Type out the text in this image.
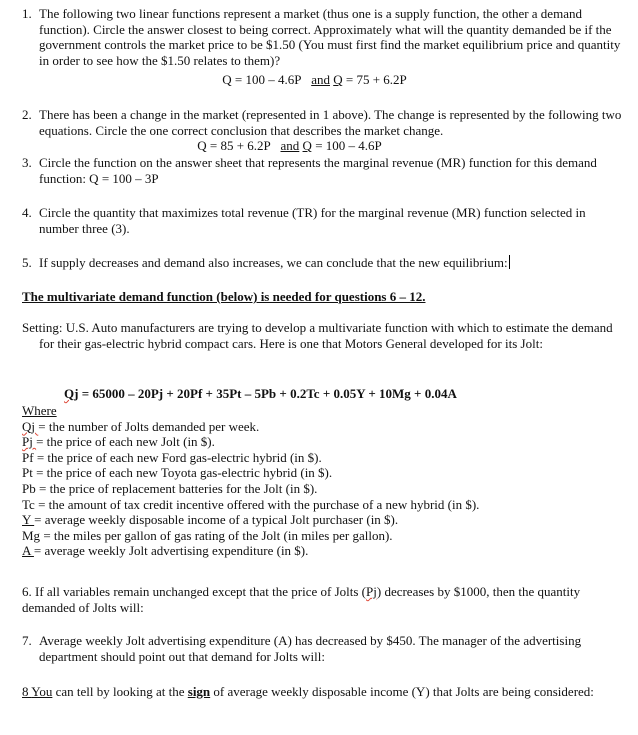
1. The following two linear functions represent a market (thus one is a supply function, the other a demand function). Circle the answer closest to being correct. Approximately what will the quantity demanded be if the government controls the market price to be $1.50 (You must first find the market equilibrium price and quantity in order to see how the $1.50 relates to them)?
Q = 100 – 4.6P and Q = 75 + 6.2P
2. There has been a change in the market (represented in 1 above). The change is represented by the following two equations. Circle the one correct conclusion that describes the market change.
Q = 85 + 6.2P and Q = 100 – 4.6P
3. Circle the function on the answer sheet that represents the marginal revenue (MR) function for this demand function: Q = 100 – 3P
4. Circle the quantity that maximizes total revenue (TR) for the marginal revenue (MR) function selected in number three (3).
5. If supply decreases and demand also increases, we can conclude that the new equilibrium:
The multivariate demand function (below) is needed for questions 6 – 12.
Setting: U.S. Auto manufacturers are trying to develop a multivariate function with which to estimate the demand for their gas-electric hybrid compact cars. Here is one that Motors General developed for its Jolt:
Qj = 65000 – 20Pj + 20Pf + 35Pt – 5Pb + 0.2Tc + 0.05Y + 10Mg + 0.04A
Where
Qj = the number of Jolts demanded per week.
Pj = the price of each new Jolt (in $).
Pf = the price of each new Ford gas-electric hybrid (in $).
Pt = the price of each new Toyota gas-electric hybrid (in $).
Pb = the price of replacement batteries for the Jolt (in $).
Tc = the amount of tax credit incentive offered with the purchase of a new hybrid (in $).
Y = average weekly disposable income of a typical Jolt purchaser (in $).
Mg = the miles per gallon of gas rating of the Jolt (in miles per gallon).
A = average weekly Jolt advertising expenditure (in $).
6. If all variables remain unchanged except that the price of Jolts (Pj) decreases by $1000, then the quantity demanded of Jolts will:
7. Average weekly Jolt advertising expenditure (A) has decreased by $450. The manager of the advertising department should point out that demand for Jolts will:
8 You can tell by looking at the sign of average weekly disposable income (Y) that Jolts are being considered:
